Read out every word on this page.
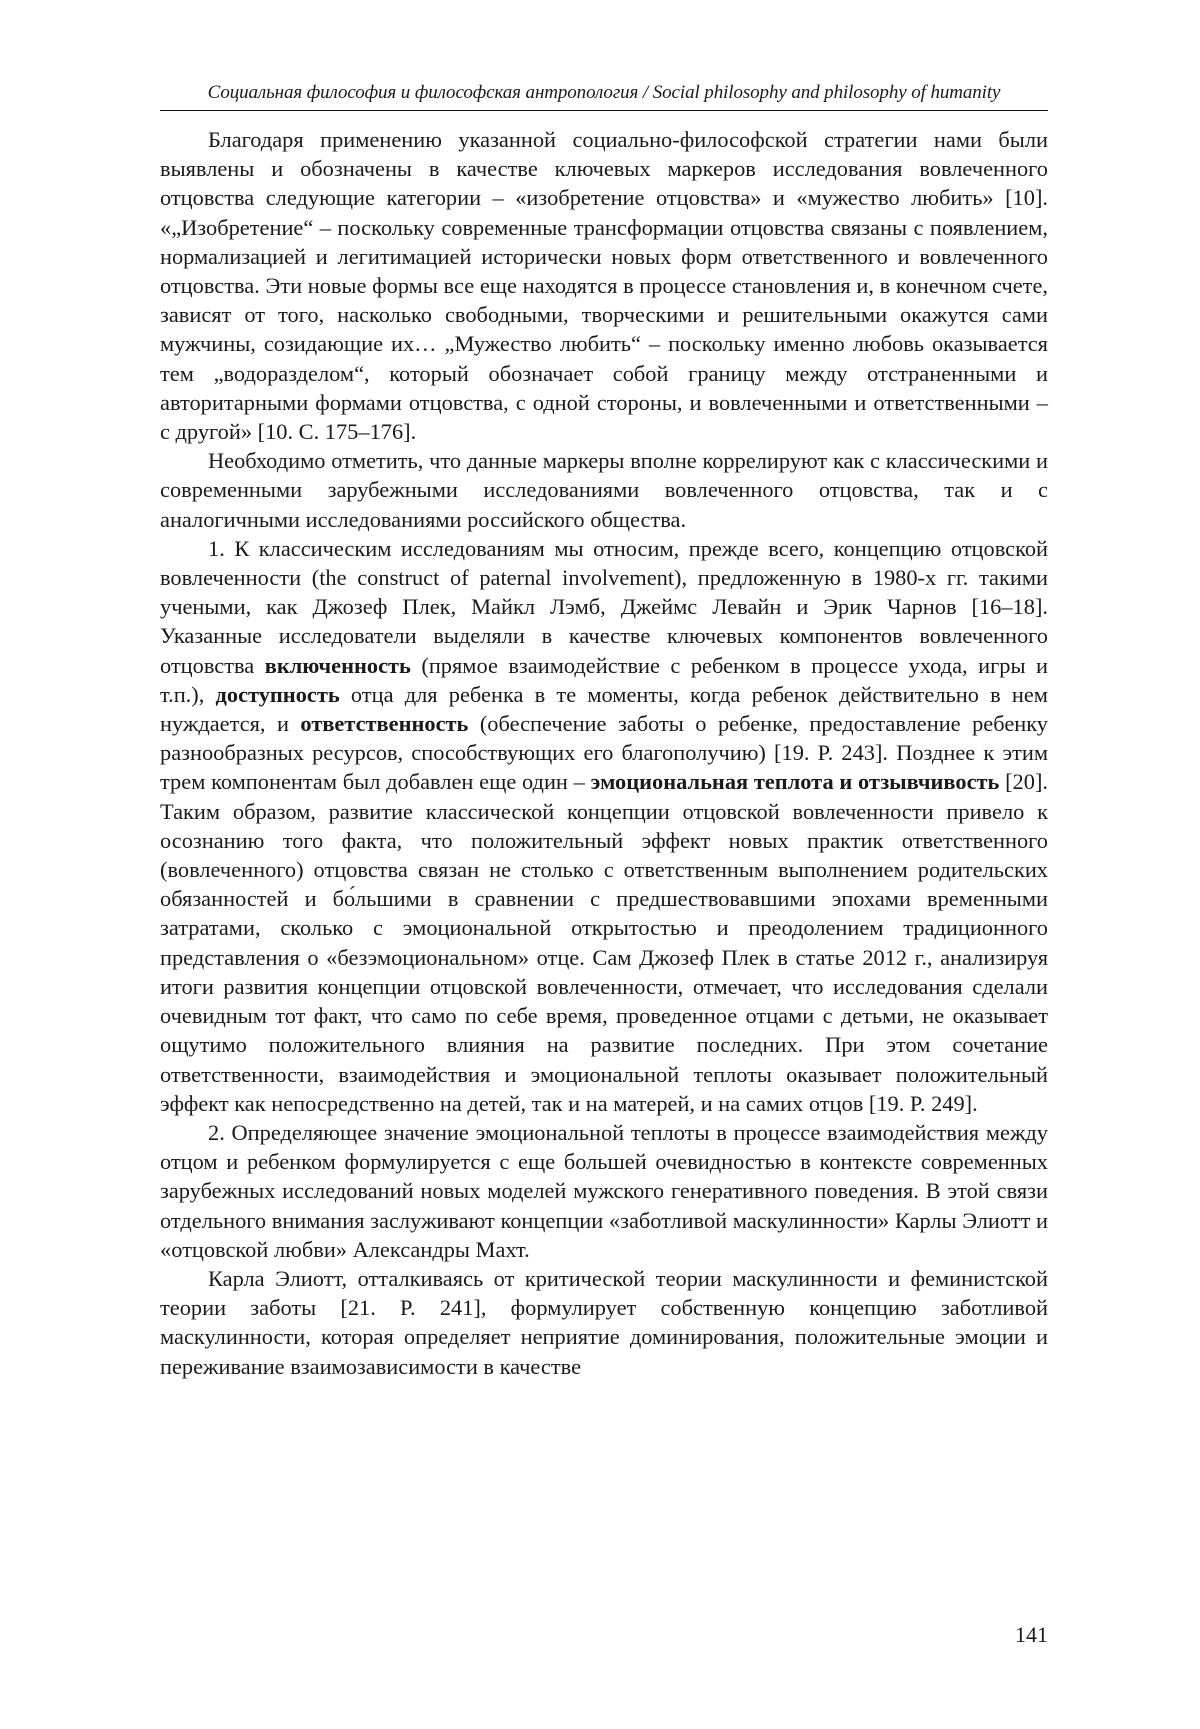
Социальная философия и философская антропология / Social philosophy and philosophy of humanity

Благодаря применению указанной социально-философской стратегии нами были выявлены и обозначены в качестве ключевых маркеров исследования вовлеченного отцовства следующие категории – «изобретение отцовства» и «мужество любить» [10]. «„Изобретение“ – поскольку современные трансформации отцовства связаны с появлением, нормализацией и легитимацией исторически новых форм ответственного и вовлеченного отцовства. Эти новые формы все еще находятся в процессе становления и, в конечном счете, зависят от того, насколько свободными, творческими и решительными окажутся сами мужчины, созидающие их… „Мужество любить“ – поскольку именно любовь оказывается тем „водоразделом“, который обозначает собой границу между отстраненными и авторитарными формами отцовства, с одной стороны, и вовлеченными и ответственными – с другой» [10. С. 175–176].

Необходимо отметить, что данные маркеры вполне коррелируют как с классическими и современными зарубежными исследованиями вовлеченного отцовства, так и с аналогичными исследованиями российского общества.

1. К классическим исследованиям мы относим, прежде всего, концепцию отцовской вовлеченности (the construct of paternal involvement), предложенную в 1980-х гг. такими учеными, как Джозеф Плек, Майкл Лэмб, Джеймс Левайн и Эрик Чарнов [16–18]. Указанные исследователи выделяли в качестве ключевых компонентов вовлеченного отцовства включенность (прямое взаимодействие с ребенком в процессе ухода, игры и т.п.), доступность отца для ребенка в те моменты, когда ребенок действительно в нем нуждается, и ответственность (обеспечение заботы о ребенке, предоставление ребенку разнообразных ресурсов, способствующих его благополучию) [19. P. 243]. Позднее к этим трем компонентам был добавлен еще один – эмоциональная теплота и отзывчивость [20]. Таким образом, развитие классической концепции отцовской вовлеченности привело к осознанию того факта, что положительный эффект новых практик ответственного (вовлеченного) отцовства связан не столько с ответственным выполнением родительских обязанностей и бо́льшими в сравнении с предшествовавшими эпохами временными затратами, сколько с эмоциональной открытостью и преодолением традиционного представления о «безэмоциональном» отце. Сам Джозеф Плек в статье 2012 г., анализируя итоги развития концепции отцовской вовлеченности, отмечает, что исследования сделали очевидным тот факт, что само по себе время, проведенное отцами с детьми, не оказывает ощутимо положительного влияния на развитие последних. При этом сочетание ответственности, взаимодействия и эмоциональной теплоты оказывает положительный эффект как непосредственно на детей, так и на матерей, и на самих отцов [19. P. 249].

2. Определяющее значение эмоциональной теплоты в процессе взаимодействия между отцом и ребенком формулируется с еще большей очевидностью в контексте современных зарубежных исследований новых моделей мужского генеративного поведения. В этой связи отдельного внимания заслуживают концепции «заботливой маскулинности» Карлы Элиотт и «отцовской любви» Александры Махт.

Карла Элиотт, отталкиваясь от критической теории маскулинности и феминистской теории заботы [21. P. 241], формулирует собственную концепцию заботливой маскулинности, которая определяет неприятие доминирования, положительные эмоции и переживание взаимозависимости в качестве

141
